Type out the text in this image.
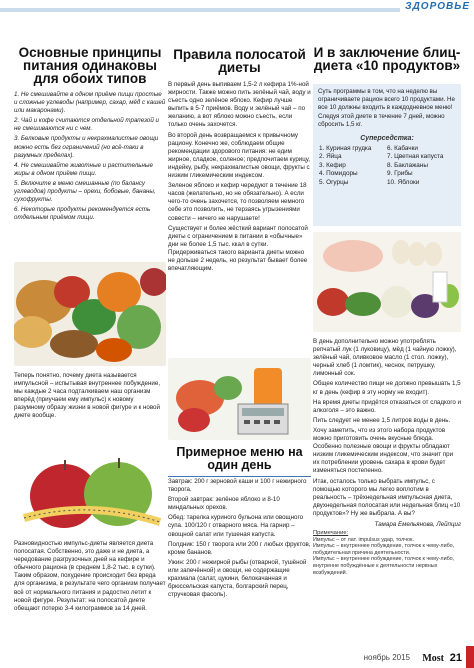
ЗДОРОВЬЕ
Основные принципы питания одинаковы для обоих типов

1. Не смешивайте в одном приёме пищи простые и сложные углеводы (например, сахар, мёд с кашей или макаронами).

2. Чай и кофе считаются отдельной трапезой и не смешиваются ни с чем.

3. Белковые продукты и некрахмалистые овощи можно есть без ограничений (но всё-таки в разумных пределах).

4. Не смешивайте животные и растительные жиры в одном приёме пищи.

5. Включите в меню смешанные (по балансу углеводов) продукты – орехи, бобовые, бананы, сухофрукты.

6. Некоторые продукты рекомендуется есть отдельным приёмом пищи.

Теперь понятно, почему диета называется импульсной – испытывая внутреннее побуждение, мы каждые 2 часа подталкиваем наш организм вперёд (приучаем ему импульс) к новому разумному образу жизни в новой фигуре и к новой диете вообще.
Разновидностью импульс-диеты является диета полосатая. Собственно, это даже и не диета, а чередование разгрузочных дней на кефире и обычного рациона (в среднем 1,8-2 тыс. в сутки). Таким образом, похудение происходит без вреда для организма, в результате чего организм получает всё от нормального питания и радостно летит к новой фигуре. Результат: на полосатой диете обещают потерю 3-4 килограммов за 14 дней.
Правила полосатой диеты

В первый день выпиваем 1,5-2 л кефира 1%-ной жирности. Также можно пить зелёный чай, воду и съесть одно зелёное яблоко. Кефир лучше выпить в 5-7 приёмов. Воду и зелёный чай – по желанию, а вот яблоко можно съесть, если только очень захочется.

Во второй день возвращаемся к привычному рациону. Конечно же, соблюдаем общие рекомендации здорового питания: не едим жирное, сладкое, соленое; предпочитаем курицу, индейку, рыбу, некрахмалистые овощи, фрукты с низким гликемическим индексом.

Зеленое яблоко и кефир чередуют в течение 18 часов (желательно, но не обязательно). А если чего-то очень захочется, то позволяем немного себе это позволить, не терзаясь угрызениями совести – ничего не нарушаете!

Существует и более жёсткий вариант полосатой диеты с ограничением в питании в «обычные» дни не более 1,5 тыс. ккал в сутки. Придерживаться такого варианта диеты можно не дольше 2 недель, но результат бывает более впечатляющим.

Примерное меню на один день

Завтрак: 200 г зерновой каши и 100 г нежирного творога.

Второй завтрак: зелёное яблоко и 8-10 миндальных орехов.

Обед: тарелка куриного бульона или овощного супа. 100/120 г отварного мяса. На гарнир – овощной салат или тушеная капуста.

Полдник: 150 г творога или 200 г любых фруктов, кроме бананов.

Ужин: 200 г нежирной рыбы (отварной, тушёной или запечённой) и овощи, не содержащие крахмала (салат, цукини, белокачанная и брюссельская капуста, болгарский перец, стручковая фасоль).

И в заключение блиц-диета «10 продуктов»
Суть программы в том, что на неделю вы ограничиваете рацион всего 10 продуктами. Не все 10 должны входить в каждодневное меню! Следуя этой диете в течение 7 дней, можно сбросить 1,5 кг.
Суперседстка:
1. Куриная грудка	6. Кабачки
2. Яйца	7. Цветная капуста
3. Кефир	8. Баклажаны
4. Помидоры	9. Грибы
5. Огурцы	10. Яблоки

В день дополнительно можно употреблять репчатый лук (1 луковицу), мёд (1 чайную ложку), зелёный чай, оливковое масло (1 стол. ложку), черный хлеб (1 ломтик), чеснок, петрушку, лимонный сок.

Общее количество пищи не должно превышать 1,5 кг в день (кефир в эту норму не входит).

На время диеты придётся отказаться от сладкого и алкоголя – это важно.

Пить следует не менее 1,5 литров воды в день.

Хочу заметить, что из этого набора продуктов можно приготовить очень вкусные блюда. Особенно полезные овощи и фрукты обладают низким гликемическим индексом, что значит при их потреблении уровень сахара в крови будет изменяться постепенно.

Итак, осталось только выбрать импульс, с помощью которого мы легко воплотим в реальность – трёхнедельная импульсная диета, двухнедельная полосатая или недельная блиц «10 продуктов»? Ну же выбрала. А вы?

Тамара Емельянова, Лейпциг
Примечание:
Импульс – от лат. impulsus удар, толчок.
Импульс – внутреннее побуждение, толчок к чему-либо, побудительная причина деятельности.
Импульс – внутреннее побуждение, толчок к чему-либо, внутренне побуждённые к деятельности нервных возбуждений.
ноябрь 2015 Most 21
